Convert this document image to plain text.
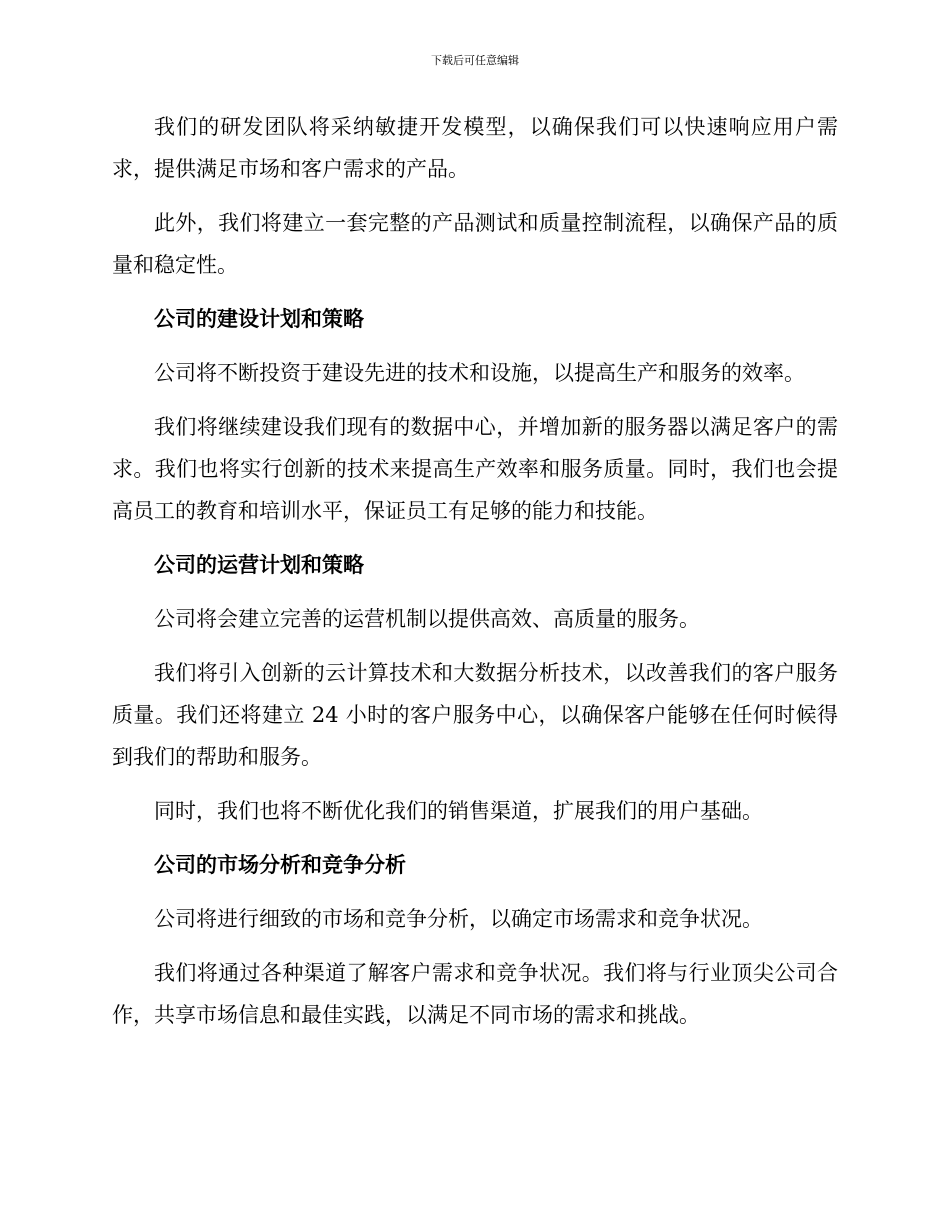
下载后可任意编辑

我们的研发团队将采纳敏捷开发模型，以确保我们可以快速响应用户需求，提供满足市场和客户需求的产品。

此外，我们将建立一套完整的产品测试和质量控制流程，以确保产品的质量和稳定性。

公司的建设计划和策略

公司将不断投资于建设先进的技术和设施，以提高生产和服务的效率。

我们将继续建设我们现有的数据中心，并增加新的服务器以满足客户的需求。我们也将实行创新的技术来提高生产效率和服务质量。同时，我们也会提高员工的教育和培训水平，保证员工有足够的能力和技能。

公司的运营计划和策略

公司将会建立完善的运营机制以提供高效、高质量的服务。

我们将引入创新的云计算技术和大数据分析技术，以改善我们的客户服务质量。我们还将建立 24 小时的客户服务中心，以确保客户能够在任何时候得到我们的帮助和服务。

同时，我们也将不断优化我们的销售渠道，扩展我们的用户基础。

公司的市场分析和竞争分析

公司将进行细致的市场和竞争分析，以确定市场需求和竞争状况。

我们将通过各种渠道了解客户需求和竞争状况。我们将与行业顶尖公司合作，共享市场信息和最佳实践，以满足不同市场的需求和挑战。
